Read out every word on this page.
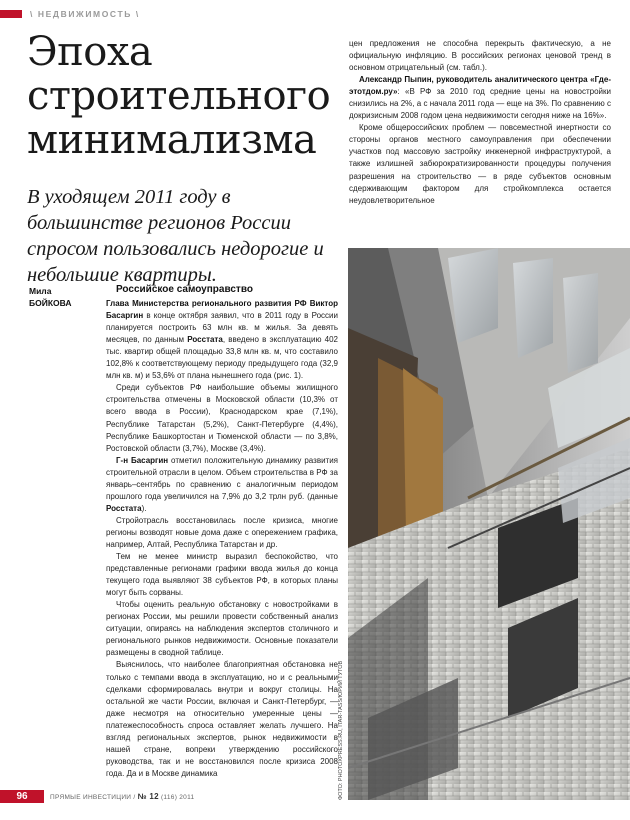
\ НЕДВИЖИМОСТЬ \
Эпоха
строительного
минимализма
В уходящем 2011 году в большинстве регионов России спросом пользовались недорогие и небольшие квартиры.
Мила
БОЙКОВА

Российское самоуправство

Глава Министерства регионального развития РФ Виктор Басаргин в конце октября заявил, что в 2011 году в России планируется построить 63 млн кв. м жилья. За девять месяцев, по данным Росстата, введено в эксплуатацию 402 тыс. квартир общей площадью 33,8 млн кв. м, что составило 102,8% к соответствующему периоду предыдущего года (32,9 млн кв. м) и 53,6% от плана нынешнего года (рис. 1).

Среди субъектов РФ наибольшие объемы жилищного строительства отмечены в Московской области (10,3% от всего ввода в России), Краснодарском крае (7,1%), Республике Татарстан (5,2%), Санкт-Петербурге (4,4%), Республике Башкортостан и Тюменской области — по 3,8%, Ростовской области (3,7%), Москве (3,4%).

Г-н Басаргин отметил положительную динамику развития строительной отрасли в целом. Объем строительства в РФ за январь–сентябрь по сравнению с аналогичным периодом прошлого года увеличился на 7,9% до 3,2 трлн руб. (данные Росстата).

Стройотрасль восстановилась после кризиса, многие регионы возводят новые дома даже с опережением графика, например, Алтай, Республика Татарстан и др.

Тем не менее министр выразил беспокойство, что представленные регионами графики ввода жилья до конца текущего года выявляют 38 субъектов РФ, в которых планы могут быть сорваны.

Чтобы оценить реальную обстановку с новостройками в регионах России, мы решили провести собственный анализ ситуации, опираясь на наблюдения экспертов столичного и регионального рынков недвижимости. Основные показатели размещены в сводной таблице.

Выяснилось, что наиболее благоприятная обстановка не только с темпами ввода в эксплуатацию, но и с реальными сделками сформировалась внутри и вокруг столицы. На остальной же части России, включая и Санкт-Петербург, — даже несмотря на относительно умеренные цены — платежеспособность спроса оставляет желать лучшего. На взгляд региональных экспертов, рынок недвижимости в нашей стране, вопреки утверждению российского руководства, так и не восстановился после кризиса 2008 года. Да и в Москве динамика

цен предложения не способна перекрыть фактическую, а не официальную инфляцию. В российских регионах ценовой тренд в основном отрицательный (см. табл.).

Александр Пыпин, руководитель аналитического центра «Гдеэтотдом.ру»: «В РФ за 2010 год средние цены на новостройки снизились на 2%, а с начала 2011 года — еще на 3%. По сравнению с докризисным 2008 годом цена недвижимости сегодня ниже на 16%».

Кроме общероссийских проблем — повсеместной инертности со стороны органов местного самоуправления при обеспечении участков под массовую застройку инженерной инфраструктурой, а также излишней забюрократизированности процедуры получения разрешения на строительство — в ряде субъектов основным сдерживающим фактором для стройкомплекса остается неудовлетворительное

ФОТО: PHOTOXPRESS.RU, ITAR-TASS/ЮРИЙ ТУТОВ
96	ПРЯМЫЕ ИНВЕСТИЦИИ / № 12 (116) 2011
